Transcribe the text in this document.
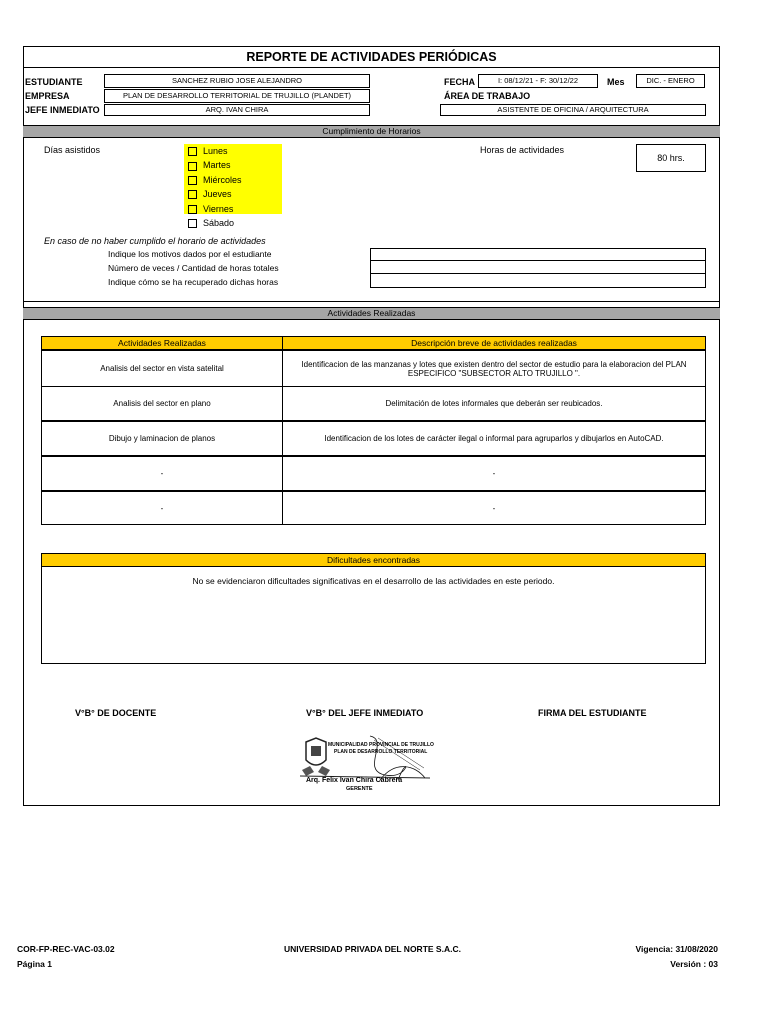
REPORTE DE ACTIVIDADES PERIÓDICAS
ESTUDIANTE	SANCHEZ RUBIO JOSE ALEJANDRO
EMPRESA	PLAN DE DESARROLLO TERRITORIAL DE TRUJILLO (PLANDET)
JEFE INMEDIATO	ARQ. IVAN CHIRA
FECHA	I: 08/12/21 - F: 30/12/22	Mes	DIC. - ENERO
ÁREA DE TRABAJO
ASISTENTE DE OFICINA / ARQUITECTURA
Cumplimiento de Horarios
Días asistidos	Lunes
Martes
Miércoles
Jueves
Viernes
Sábado
Horas de actividades
80 hrs.
En caso de no haber cumplido el horario de actividades
Indique los motivos dados por el estudiante
Número de veces / Cantidad de horas totales
Indique cómo se ha recuperado dichas horas
Actividades Realizadas
Actividades Realizadas	Descripción breve de actividades realizadas
Analisis del sector en vista satelital	Identificacion de las manzanas y lotes que existen dentro del sector de estudio para la elaboracion del PLAN ESPECIFICO "SUBSECTOR ALTO TRUJILLO ".
Analisis del sector en plano	Delimitación de lotes informales que deberán ser reubicados.
Dibujo y laminacion de planos	Identificacion de los lotes de carácter ilegal o informal para agruparlos y dibujarlos en AutoCAD.
-	-
-	-
Dificultades encontradas
No se evidenciaron dificultades significativas en el desarrollo de las actividades en este periodo.
V°B° DE DOCENTE	V°B° DEL JEFE INMEDIATO	FIRMA DEL ESTUDIANTE
MUNICIPALIDAD PROVINCIAL DE TRUJILLO
PLAN DE DESARROLLO TERRITORIAL
Arq. Felix Ivan Chira Cabrera
GERENTE
COR-FP-REC-VAC-03.02
Página 1
UNIVERSIDAD PRIVADA DEL NORTE S.A.C.	Vigencia: 31/08/2020
Versión : 03
